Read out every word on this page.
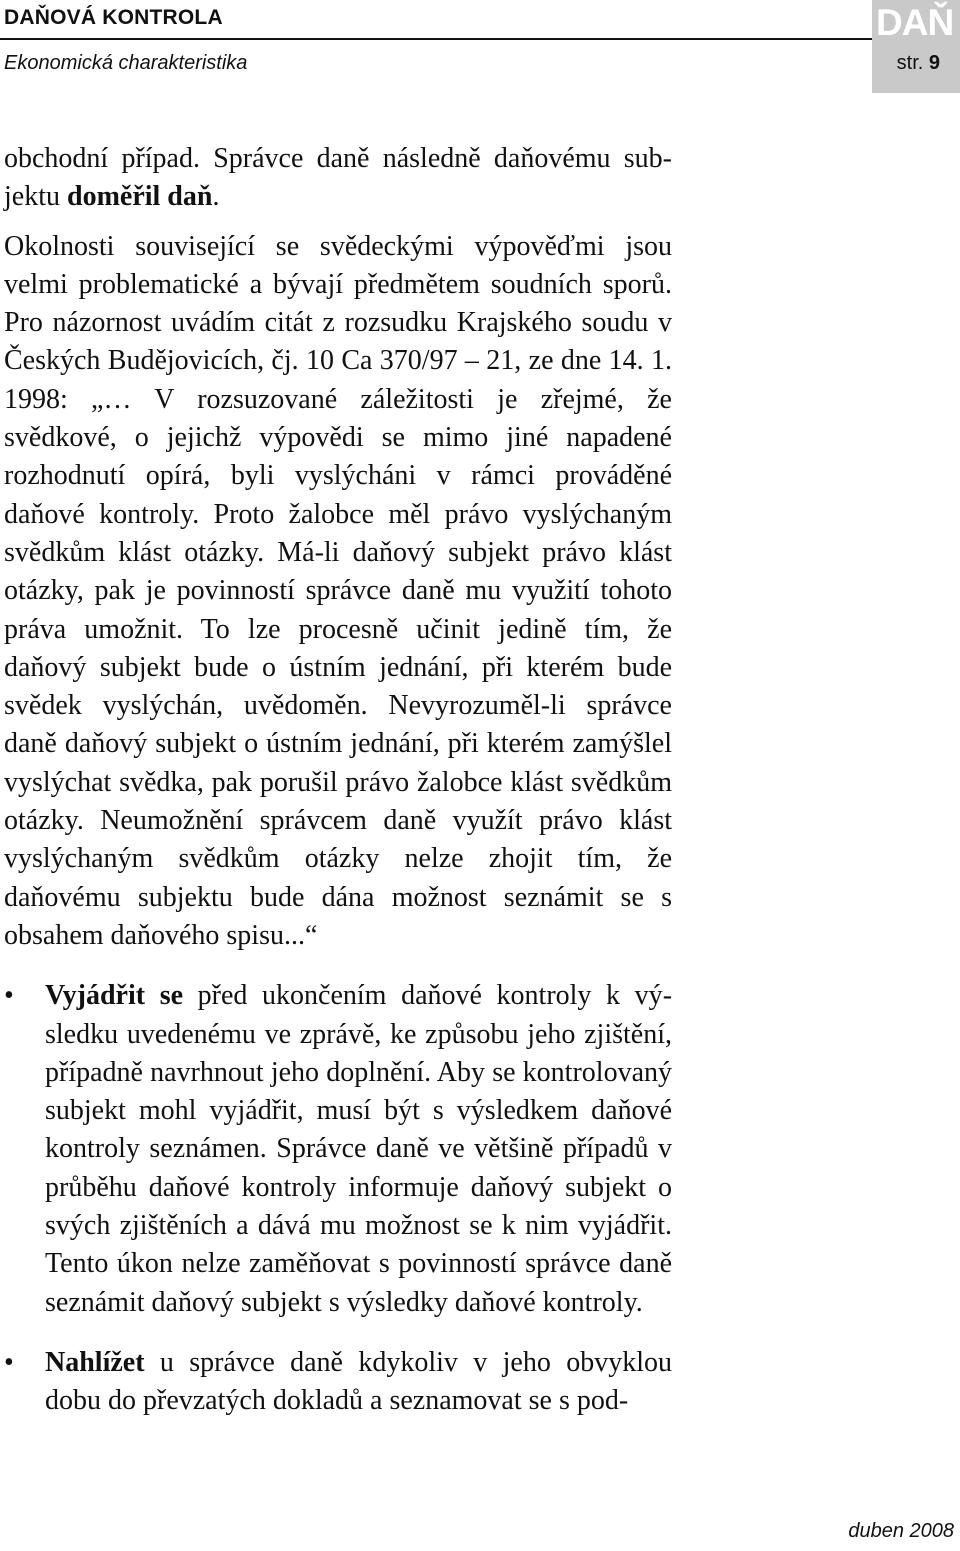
DAŇOVÁ KONTROLA
Ekonomická charakteristika
DAŇ
str. 9

obchodní případ. Správce daně následně daňovému subjektu doměřil daň.

Okolnosti související se svědeckými výpověďmi jsou velmi problematické a bývají předmětem soudních sporů. Pro názornost uvádím citát z rozsudku Krajského soudu v Českých Budějovicích, čj. 10 Ca 370/97 – 21, ze dne 14. 1. 1998: „… V rozsuzované záležitosti je zřejmé, že svědkové, o jejichž výpovědi se mimo jiné napadené rozhodnutí opírá, byli vyslýcháni v rámci prováděné daňové kontroly. Proto žalobce měl právo vyslýchaným svědkům klást otázky. Má-li daňový subjekt právo klást otázky, pak je povinností správce daně mu využití tohoto práva umožnit. To lze procesně učinit jedině tím, že daňový subjekt bude o ústním jednání, při kterém bude svědek vyslýchán, uvědoměn. Nevyrozuměl-li správce daně daňový subjekt o ústním jednání, při kterém zamýšlel vyslýchat svědka, pak porušil právo žalobce klást svědkům otázky. Neumožnění správcem daně využít právo klást vyslýchaným svědkům otázky nelze zhojit tím, že daňovému subjektu bude dána možnost seznámit se s obsahem daňového spisu...“

• Vyjádřit se před ukončením daňové kontroly k výsledku uvedenému ve zprávě, ke způsobu jeho zjištění, případně navrhnout jeho doplnění. Aby se kontrolovaný subjekt mohl vyjádřit, musí být s výsledkem daňové kontroly seznámen. Správce daně ve většině případů v průběhu daňové kontroly informuje daňový subjekt o svých zjištěních a dává mu možnost se k nim vyjádřit. Tento úkon nelze zaměňovat s povinností správce daně seznámit daňový subjekt s výsledky daňové kontroly.
• Nahlížet u správce daně kdykoliv v jeho obvyklou dobu do převzatých dokladů a seznamovat se s pod-
duben 2008
